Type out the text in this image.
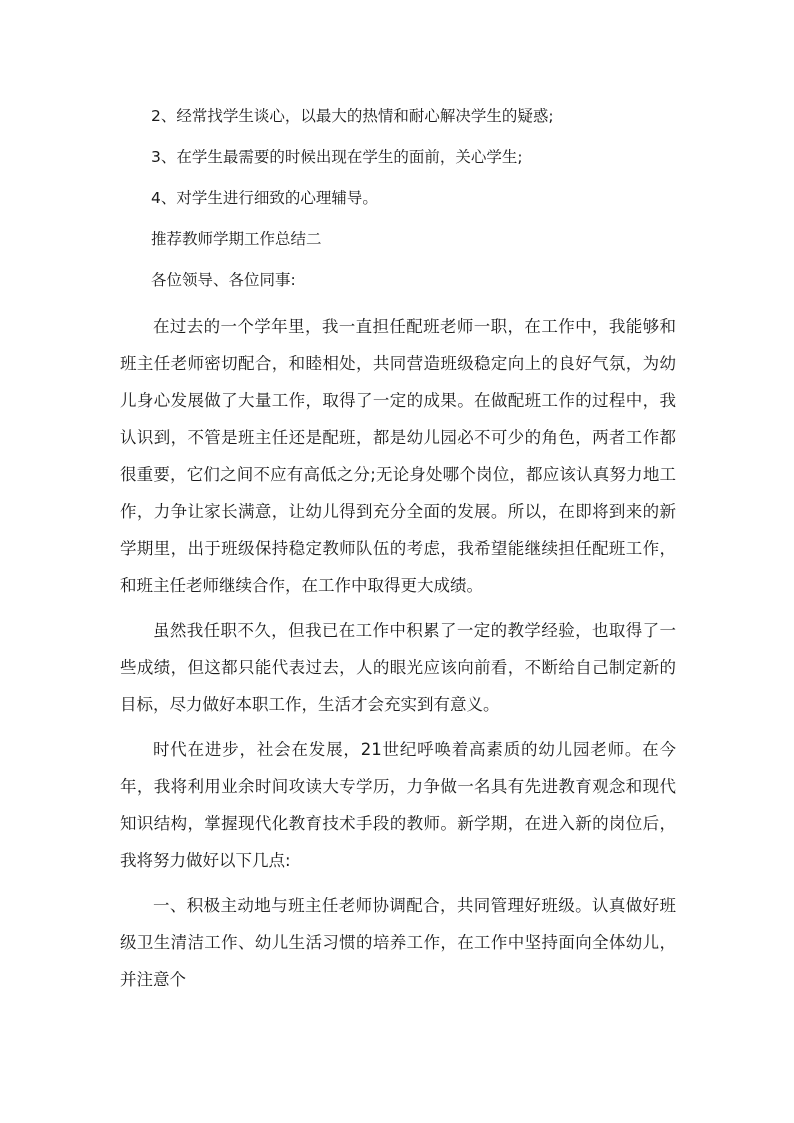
2、经常找学生谈心，以最大的热情和耐心解决学生的疑惑;

3、在学生最需要的时候出现在学生的面前，关心学生;

4、对学生进行细致的心理辅导。

推荐教师学期工作总结二

各位领导、各位同事:

在过去的一个学年里，我一直担任配班老师一职，在工作中，我能够和班主任老师密切配合，和睦相处，共同营造班级稳定向上的良好气氛，为幼儿身心发展做了大量工作，取得了一定的成果。在做配班工作的过程中，我认识到，不管是班主任还是配班，都是幼儿园必不可少的角色，两者工作都很重要，它们之间不应有高低之分;无论身处哪个岗位，都应该认真努力地工作，力争让家长满意，让幼儿得到充分全面的发展。所以，在即将到来的新学期里，出于班级保持稳定教师队伍的考虑，我希望能继续担任配班工作，和班主任老师继续合作，在工作中取得更大成绩。

虽然我任职不久，但我已在工作中积累了一定的教学经验，也取得了一些成绩，但这都只能代表过去，人的眼光应该向前看，不断给自己制定新的目标，尽力做好本职工作，生活才会充实到有意义。

时代在进步，社会在发展，21世纪呼唤着高素质的幼儿园老师。在今年，我将利用业余时间攻读大专学历，力争做一名具有先进教育观念和现代知识结构，掌握现代化教育技术手段的教师。新学期，在进入新的岗位后，我将努力做好以下几点:

一、积极主动地与班主任老师协调配合，共同管理好班级。认真做好班级卫生清洁工作、幼儿生活习惯的培养工作，在工作中坚持面向全体幼儿，并注意个
